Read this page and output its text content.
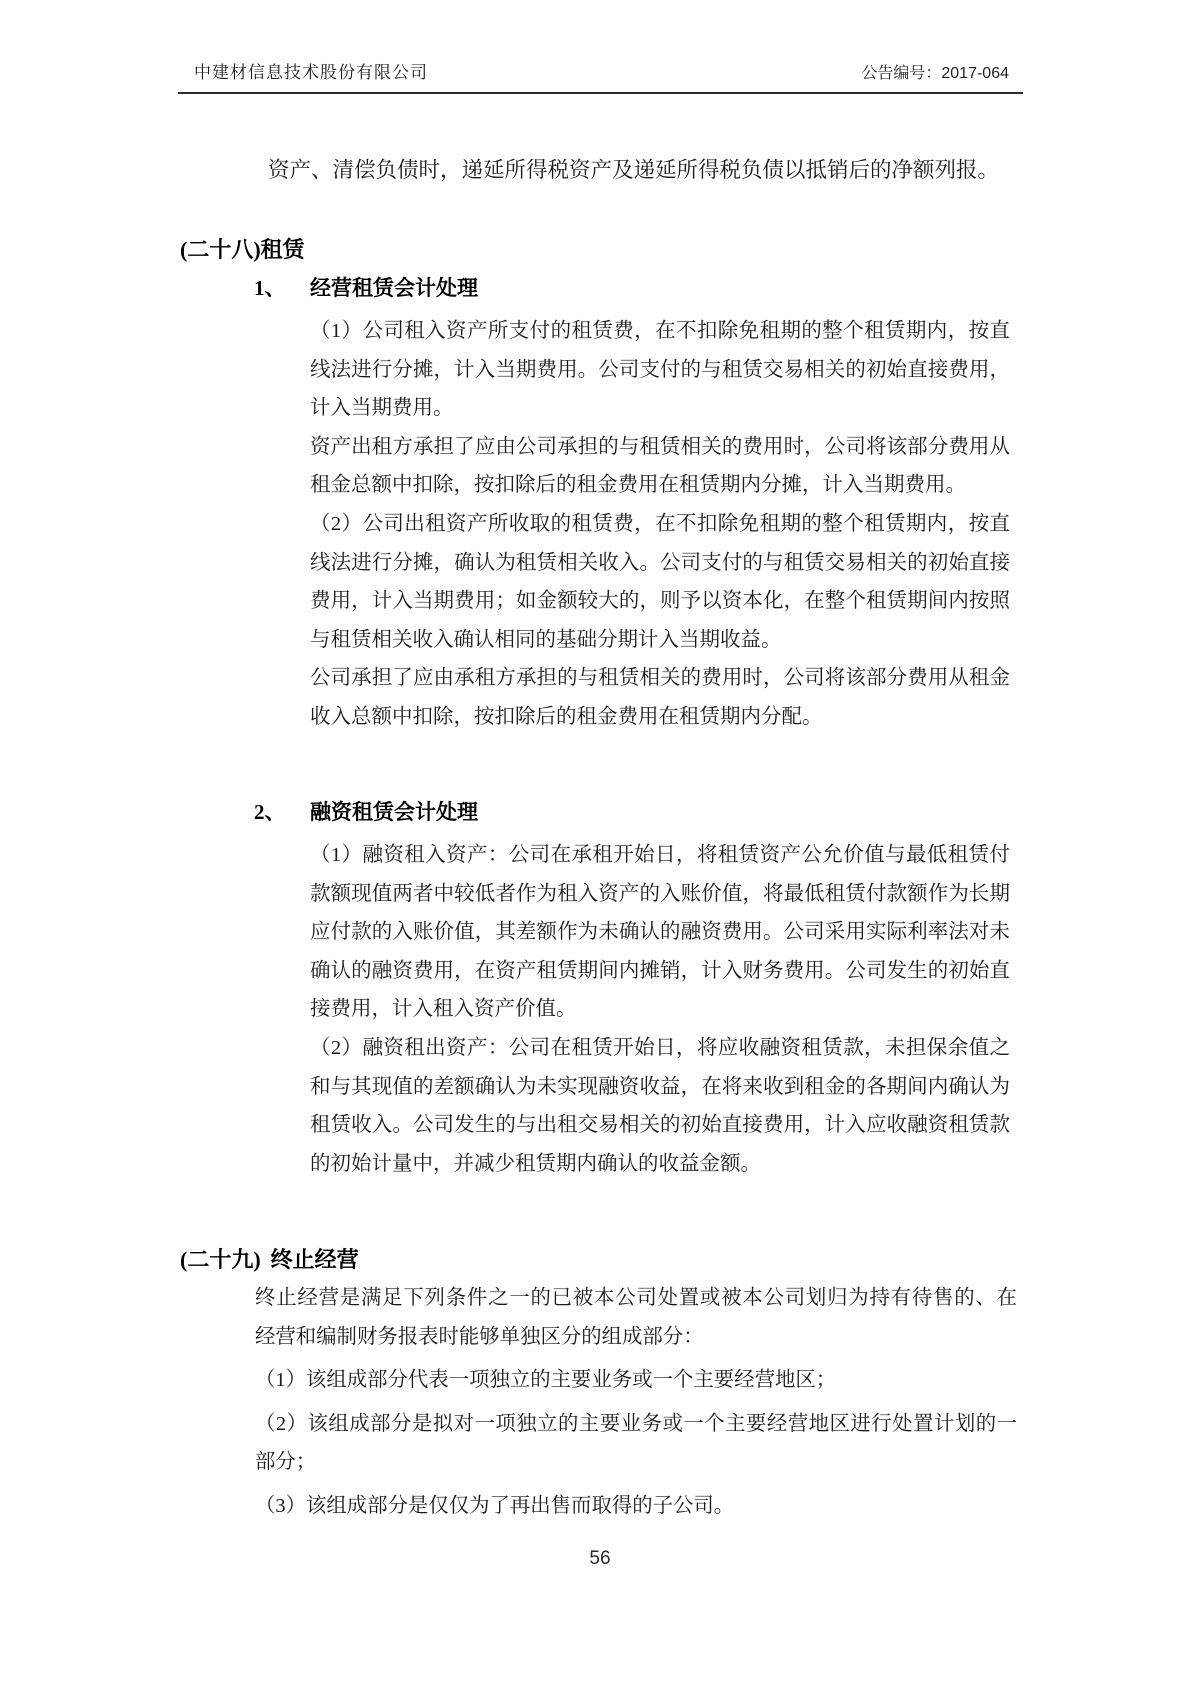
中建材信息技术股份有限公司	公告编号：2017-064
资产、清偿负债时，递延所得税资产及递延所得税负债以抵销后的净额列报。
(二十八)租赁
1、 经营租赁会计处理
（1）公司租入资产所支付的租赁费，在不扣除免租期的整个租赁期内，按直
线法进行分摊，计入当期费用。公司支付的与租赁交易相关的初始直接费用，
计入当期费用。
资产出租方承担了应由公司承担的与租赁相关的费用时，公司将该部分费用从
租金总额中扣除，按扣除后的租金费用在租赁期内分摊，计入当期费用。
（2）公司出租资产所收取的租赁费，在不扣除免租期的整个租赁期内，按直
线法进行分摊，确认为租赁相关收入。公司支付的与租赁交易相关的初始直接
费用，计入当期费用；如金额较大的，则予以资本化，在整个租赁期间内按照
与租赁相关收入确认相同的基础分期计入当期收益。
公司承担了应由承租方承担的与租赁相关的费用时，公司将该部分费用从租金
收入总额中扣除，按扣除后的租金费用在租赁期内分配。
2、 融资租赁会计处理
（1）融资租入资产：公司在承租开始日，将租赁资产公允价值与最低租赁付
款额现值两者中较低者作为租入资产的入账价值，将最低租赁付款额作为长期
应付款的入账价值，其差额作为未确认的融资费用。公司采用实际利率法对未
确认的融资费用，在资产租赁期间内摊销，计入财务费用。公司发生的初始直
接费用，计入租入资产价值。
（2）融资租出资产：公司在租赁开始日，将应收融资租赁款，未担保余值之
和与其现值的差额确认为未实现融资收益，在将来收到租金的各期间内确认为
租赁收入。公司发生的与出租交易相关的初始直接费用，计入应收融资租赁款
的初始计量中，并减少租赁期内确认的收益金额。
(二十九) 终止经营
终止经营是满足下列条件之一的已被本公司处置或被本公司划归为持有待售的、在
经营和编制财务报表时能够单独区分的组成部分：
（1）该组成部分代表一项独立的主要业务或一个主要经营地区；
（2）该组成部分是拟对一项独立的主要业务或一个主要经营地区进行处置计划的一
部分；
（3）该组成部分是仅仅为了再出售而取得的子公司。
56
